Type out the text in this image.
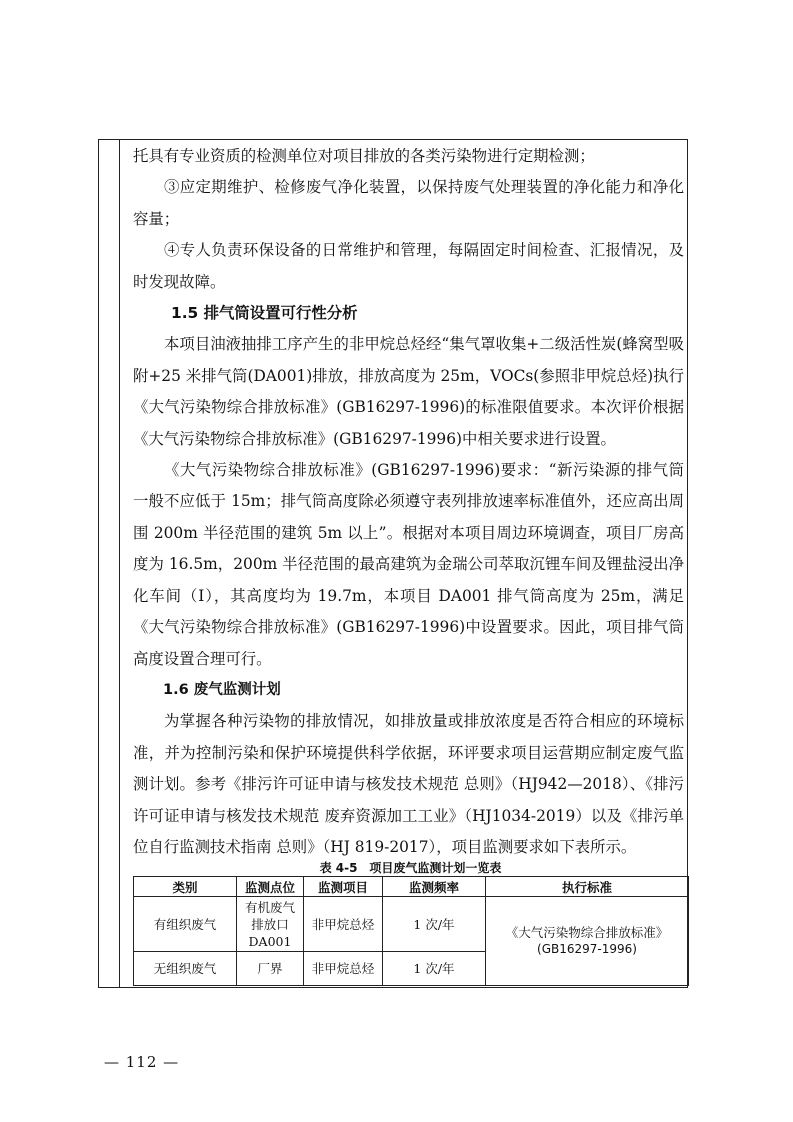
托具有专业资质的检测单位对项目排放的各类污染物进行定期检测；

③应定期维护、检修废气净化装置，以保持废气处理装置的净化能力和净化容量；

④专人负责环保设备的日常维护和管理，每隔固定时间检查、汇报情况，及时发现故障。

1.5 排气筒设置可行性分析

本项目油液抽排工序产生的非甲烷总烃经“集气罩收集+二级活性炭(蜂窝型吸附+25 米排气筒(DA001)排放，排放高度为 25m，VOCs(参照非甲烷总烃)执行《大气污染物综合排放标准》(GB16297-1996)的标准限值要求。本次评价根据《大气污染物综合排放标准》(GB16297-1996)中相关要求进行设置。

《大气污染物综合排放标准》(GB16297-1996)要求：“新污染源的排气筒一般不应低于 15m；排气筒高度除必须遵守表列排放速率标准值外，还应高出周围 200m 半径范围的建筑 5m 以上”。根据对本项目周边环境调查，项目厂房高度为 16.5m，200m 半径范围的最高建筑为金瑞公司萃取沉锂车间及锂盐浸出净化车间（I），其高度均为 19.7m，本项目 DA001 排气筒高度为 25m，满足《大气污染物综合排放标准》(GB16297-1996)中设置要求。因此，项目排气筒高度设置合理可行。

1.6 废气监测计划

为掌握各种污染物的排放情况，如排放量或排放浓度是否符合相应的环境标准，并为控制污染和保护环境提供科学依据，环评要求项目运营期应制定废气监测计划。参考《排污许可证申请与核发技术规范 总则》（HJ942—2018）、《排污许可证申请与核发技术规范 废弃资源加工工业》（HJ1034-2019）以及《排污单位自行监测技术指南 总则》（HJ 819-2017），项目监测要求如下表所示。

表 4-5　项目废气监测计划一览表
类别	监测点位	监测项目	监测频率	执行标准
有组织废气	有机废气排放口 DA001	非甲烷总烃	1 次/年	《大气污染物综合排放标准》
(GB16297-1996)

无组织废气	厂界	非甲烷总烃	1 次/年	
— 112 —
